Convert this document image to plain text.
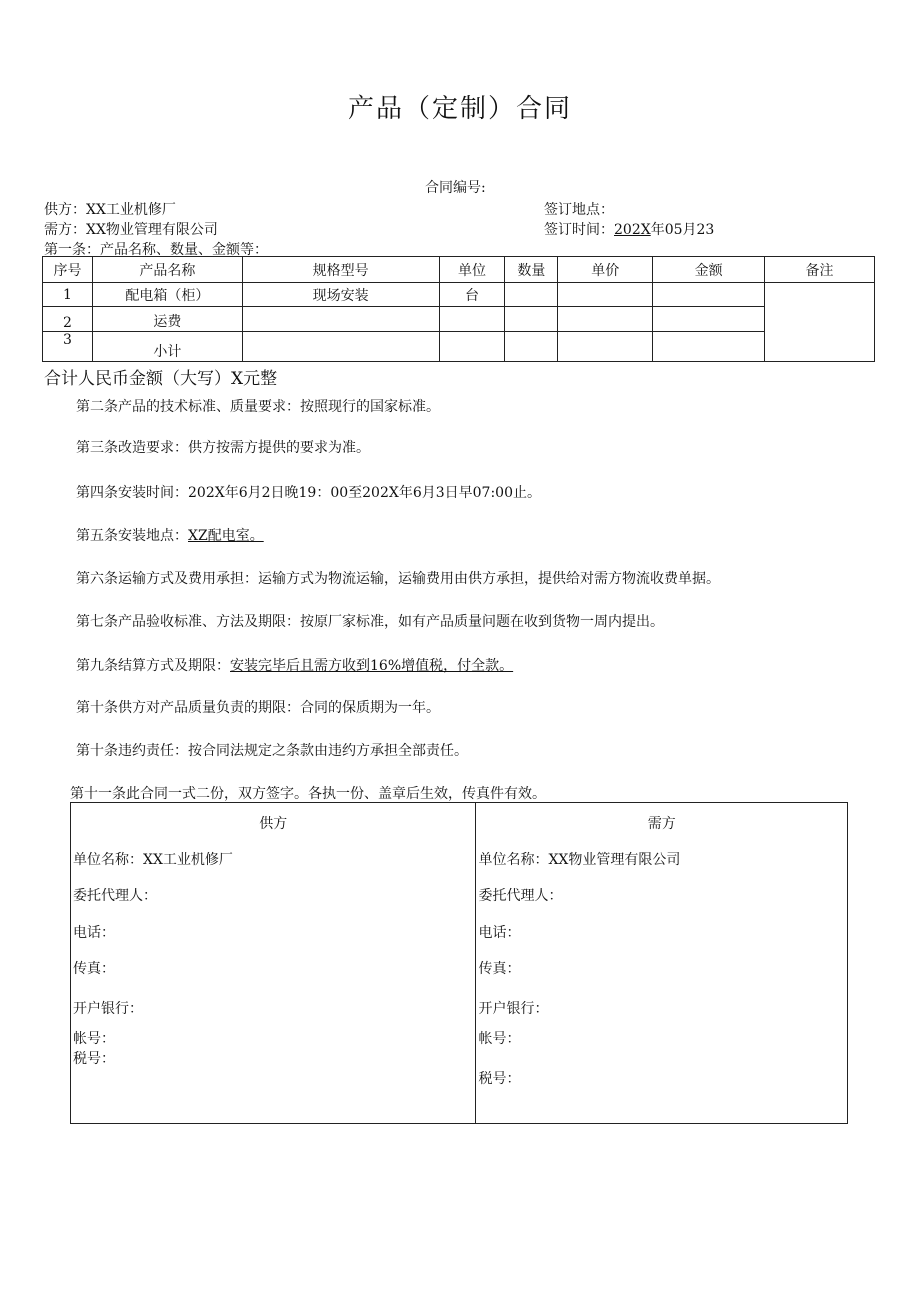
产品（定制）合同
合同编号:
供方：XX工业机修厂
需方：XX物业管理有限公司
签订地点：
签订时间：202X年05月23
第一条：产品名称、数量、金额等：
序号	产品名称	规格型号	单位	数量	单价	金额	备注
1	配电箱（柜）	现场安装	台				
2	运费						
3	小计						
合计人民币金额（大写）X元整
第二条产品的技术标准、质量要求：按照现行的国家标准。
第三条改造要求：供方按需方提供的要求为准。
第四条安装时间：202X年6月2日晚19：00至202X年6月3日早07:00止。
第五条安装地点：XZ配电室。
第六条运输方式及费用承担：运输方式为物流运输，运输费用由供方承担，提供给对需方物流收费单据。
第七条产品验收标准、方法及期限：按原厂家标准，如有产品质量问题在收到货物一周内提出。
第九条结算方式及期限：安装完毕后且需方收到16%增值税，付全款。
第十条供方对产品质量负责的期限：合同的保质期为一年。
第十条违约责任：按合同法规定之条款由违约方承担全部责任。
第十一条此合同一式二份，双方签字。各执一份、盖章后生效，传真件有效。
供方
单位名称：XX工业机修厂
委托代理人：
电话：
传真：
开户银行：
帐号：
税号：

需方
单位名称：XX物业管理有限公司
委托代理人：
电话：
传真：
开户银行：
帐号：
税号：
